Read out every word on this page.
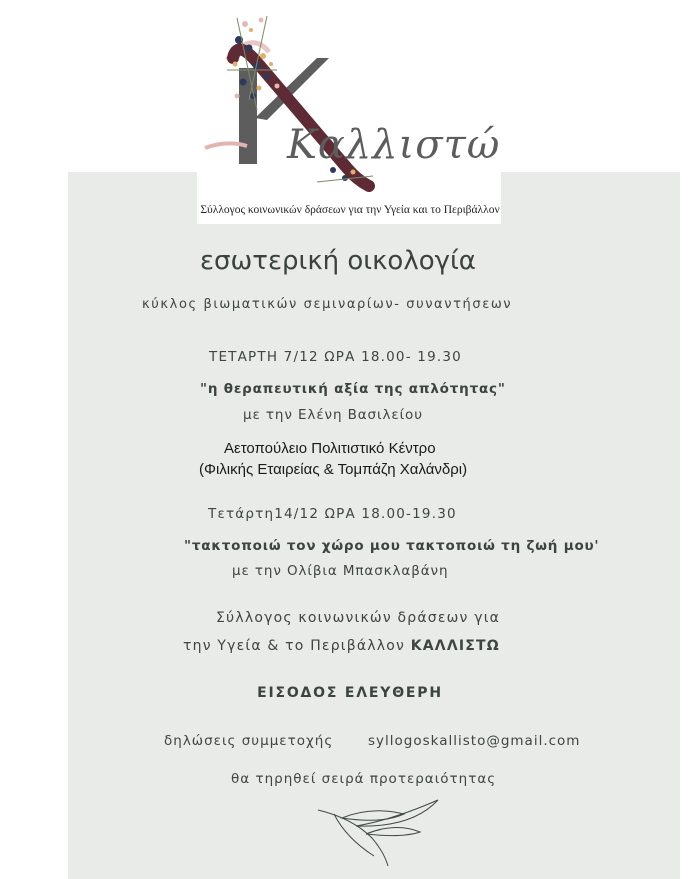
Καλλιστώ
Σύλλογος κοινωνικών δράσεων για την Υγεία και το Περιβάλλον
εσωτερική οικολογία
κύκλος βιωματικών σεμιναρίων- συναντήσεων
ΤΕΤΑΡΤΗ 7/12 ΩΡΑ 18.00- 19.30
"η θεραπευτική αξία της απλότητας"
με την Ελένη Βασιλείου
Αετοπούλειο Πολιτιστικό Κέντρο
(Φιλικής Εταιρείας & Τομπάζη Χαλάνδρι)
Τετάρτη14/12 ΩΡΑ 18.00-19.30
"τακτοποιώ τον χώρο μου τακτοποιώ τη ζωή μου'
με την Ολίβια Μπασκλαβάνη
Σύλλογος κοινωνικών δράσεων για
την Υγεία & το Περιβάλλον ΚΑΛΛΙΣΤΩ
ΕΙΣΟΔΟΣ ΕΛΕΥΘΕΡΗ
δηλώσεις συμμετοχής	syllogoskallisto@gmail.com
θα τηρηθεί σειρά προτεραιότητας
